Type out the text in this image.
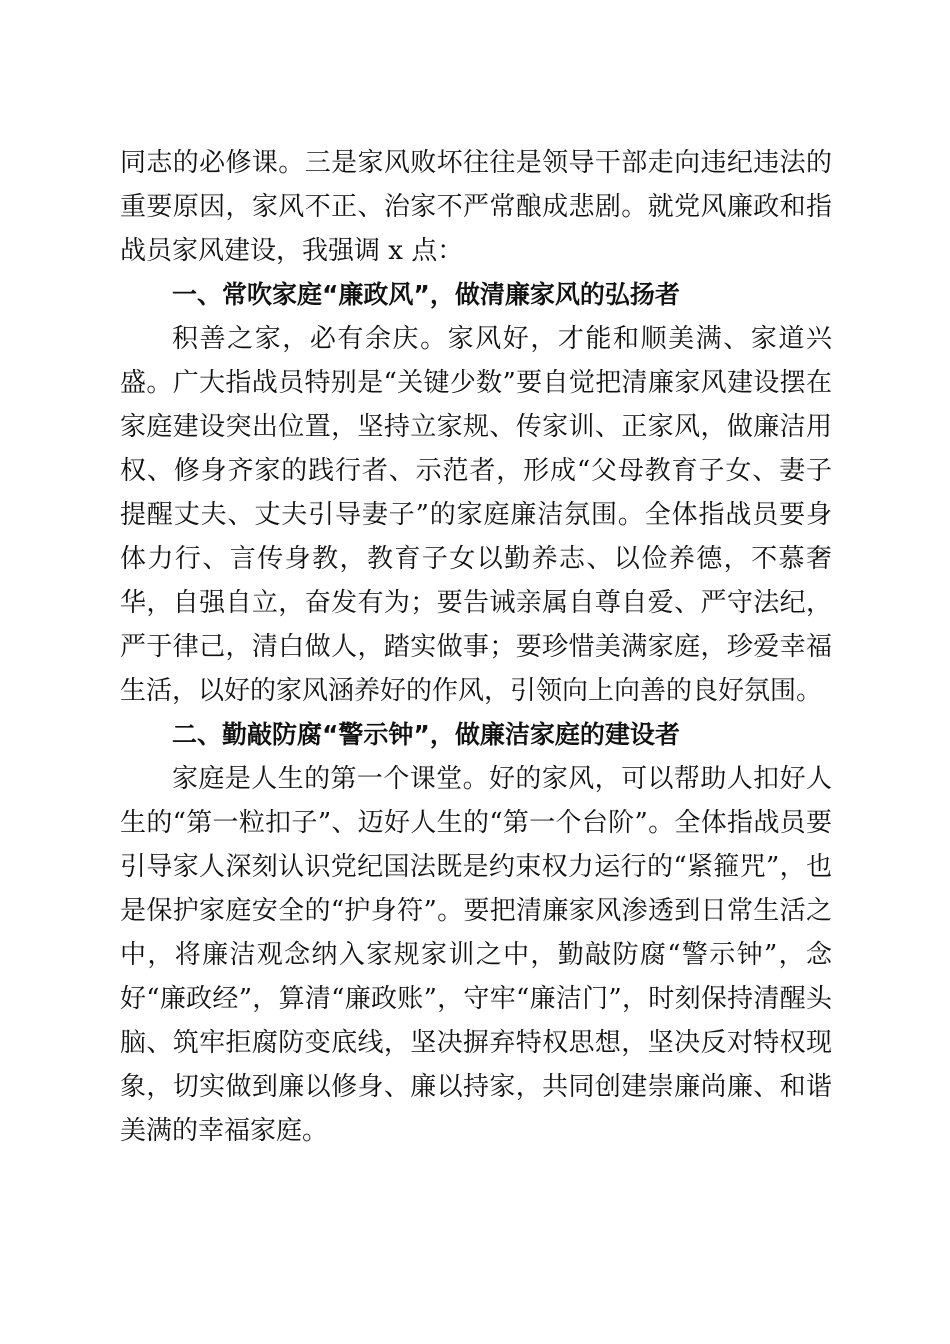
同志的必修课。三是家风败坏往往是领导干部走向违纪违法的重要原因，家风不正、治家不严常酿成悲剧。就党风廉政和指战员家风建设，我强调 x 点：

一、常吹家庭“廉政风”，做清廉家风的弘扬者

积善之家，必有余庆。家风好，才能和顺美满、家道兴盛。广大指战员特别是“关键少数”要自觉把清廉家风建设摆在家庭建设突出位置，坚持立家规、传家训、正家风，做廉洁用权、修身齐家的践行者、示范者，形成“父母教育子女、妻子提醒丈夫、丈夫引导妻子”的家庭廉洁氛围。全体指战员要身体力行、言传身教，教育子女以勤养志、以俭养德，不慕奢华，自强自立，奋发有为；要告诫亲属自尊自爱、严守法纪，严于律己，清白做人，踏实做事；要珍惜美满家庭，珍爱幸福生活，以好的家风涵养好的作风，引领向上向善的良好氛围。

二、勤敲防腐“警示钟”，做廉洁家庭的建设者

家庭是人生的第一个课堂。好的家风，可以帮助人扣好人生的“第一粒扣子”、迈好人生的“第一个台阶”。全体指战员要引导家人深刻认识党纪国法既是约束权力运行的“紧箍咒”，也是保护家庭安全的“护身符”。要把清廉家风渗透到日常生活之中，将廉洁观念纳入家规家训之中，勤敲防腐“警示钟”，念好“廉政经”，算清“廉政账”，守牢“廉洁门”，时刻保持清醒头脑、筑牢拒腐防变底线，坚决摒弃特权思想，坚决反对特权现象，切实做到廉以修身、廉以持家，共同创建崇廉尚廉、和谐美满的幸福家庭。
